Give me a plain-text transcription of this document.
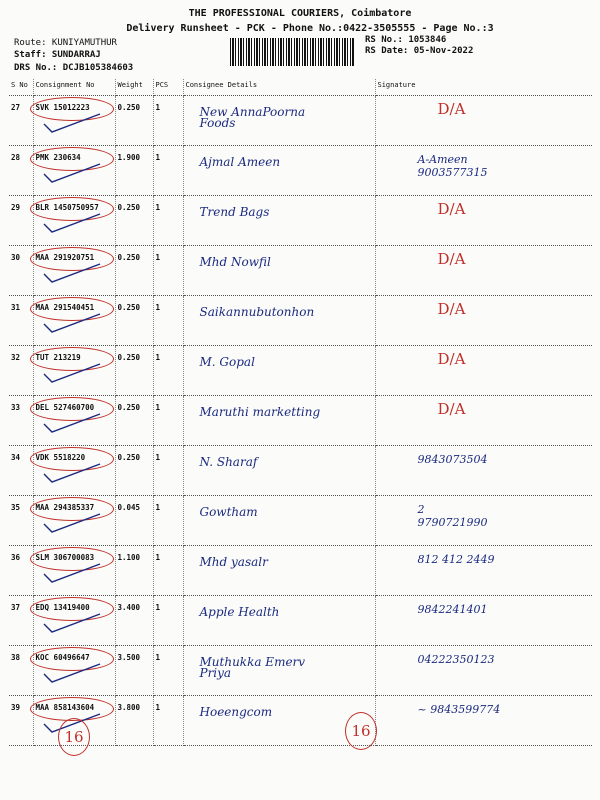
THE PROFESSIONAL COURIERS, Coimbatore
Delivery Runsheet - PCK - Phone No.:0422-3505555 - Page No.:3
Route: KUNIYAMUTHUR
Staff: SUNDARRAJ
DRS No.: DCJB105384603
RS No.: 1053846
RS Date: 05-Nov-2022
S No	Consignment No	Weight	PCS	Consignee Details	Signature
27	SVK 15012223	0.250	1	New AnnaPoorna
Foods	D/A

28	PMK 230634	1.900	1	Ajmal Ameen	A-Ameen
9003577315

29	BLR 1450750957	0.250	1	Trend Bags	D/A

30	MAA 291920751	0.250	1	Mhd Nowfil	D/A

31	MAA 291540451	0.250	1	Saikannubutonhon	D/A

32	TUT 213219	0.250	1	M. Gopal	D/A

33	DEL 527460700	0.250	1	Maruthi marketting	D/A

34	VDK 5518220	0.250	1	N. Sharaf	9843073504

35	MAA 294385337	0.045	1	Gowtham	2
9790721990

36	SLM 306700083	1.100	1	Mhd yasalr	812 412 2449

37	EDQ 13419400	3.400	1	Apple Health	9842241401

38	KOC 60496647	3.500	1	Muthukka Emerv
Priya	04222350123

39	MAA 858143604	3.800	1	Hoeengcom	~ 9843599774
16	16
